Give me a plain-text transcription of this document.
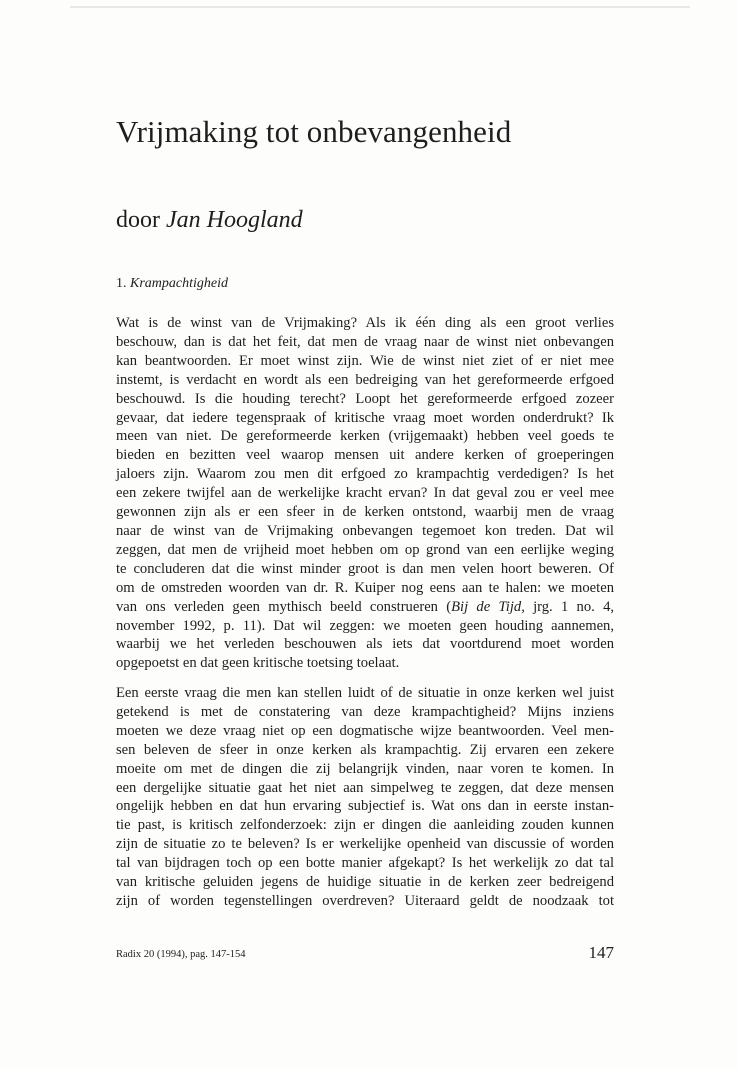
Vrijmaking tot onbevangenheid
door Jan Hoogland
1. Krampachtigheid
Wat is de winst van de Vrijmaking? Als ik één ding als een groot verlies
beschouw, dan is dat het feit, dat men de vraag naar de winst niet onbevangen
kan beantwoorden. Er moet winst zijn. Wie de winst niet ziet of er niet mee
instemt, is verdacht en wordt als een bedreiging van het gereformeerde erfgoed
beschouwd. Is die houding terecht? Loopt het gereformeerde erfgoed zozeer
gevaar, dat iedere tegenspraak of kritische vraag moet worden onderdrukt? Ik
meen van niet. De gereformeerde kerken (vrijgemaakt) hebben veel goeds te
bieden en bezitten veel waarop mensen uit andere kerken of groeperingen
jaloers zijn. Waarom zou men dit erfgoed zo krampachtig verdedigen? Is het
een zekere twijfel aan de werkelijke kracht ervan? In dat geval zou er veel mee
gewonnen zijn als er een sfeer in de kerken ontstond, waarbij men de vraag
naar de winst van de Vrijmaking onbevangen tegemoet kon treden. Dat wil
zeggen, dat men de vrijheid moet hebben om op grond van een eerlijke weging
te concluderen dat die winst minder groot is dan men velen hoort beweren. Of
om de omstreden woorden van dr. R. Kuiper nog eens aan te halen: we moeten
van ons verleden geen mythisch beeld construeren (Bij de Tijd, jrg. 1 no. 4,
november 1992, p. 11). Dat wil zeggen: we moeten geen houding aannemen,
waarbij we het verleden beschouwen als iets dat voortdurend moet worden
opgepoetst en dat geen kritische toetsing toelaat.
Een eerste vraag die men kan stellen luidt of de situatie in onze kerken wel juist
getekend is met de constatering van deze krampachtigheid? Mijns inziens
moeten we deze vraag niet op een dogmatische wijze beantwoorden. Veel men-
sen beleven de sfeer in onze kerken als krampachtig. Zij ervaren een zekere
moeite om met de dingen die zij belangrijk vinden, naar voren te komen. In
een dergelijke situatie gaat het niet aan simpelweg te zeggen, dat deze mensen
ongelijk hebben en dat hun ervaring subjectief is. Wat ons dan in eerste instan-
tie past, is kritisch zelfonderzoek: zijn er dingen die aanleiding zouden kunnen
zijn de situatie zo te beleven? Is er werkelijke openheid van discussie of worden
tal van bijdragen toch op een botte manier afgekapt? Is het werkelijk zo dat tal
van kritische geluiden jegens de huidige situatie in de kerken zeer bedreigend
zijn of worden tegenstellingen overdreven? Uiteraard geldt de noodzaak tot
Radix 20 (1994), pag. 147-154	147
